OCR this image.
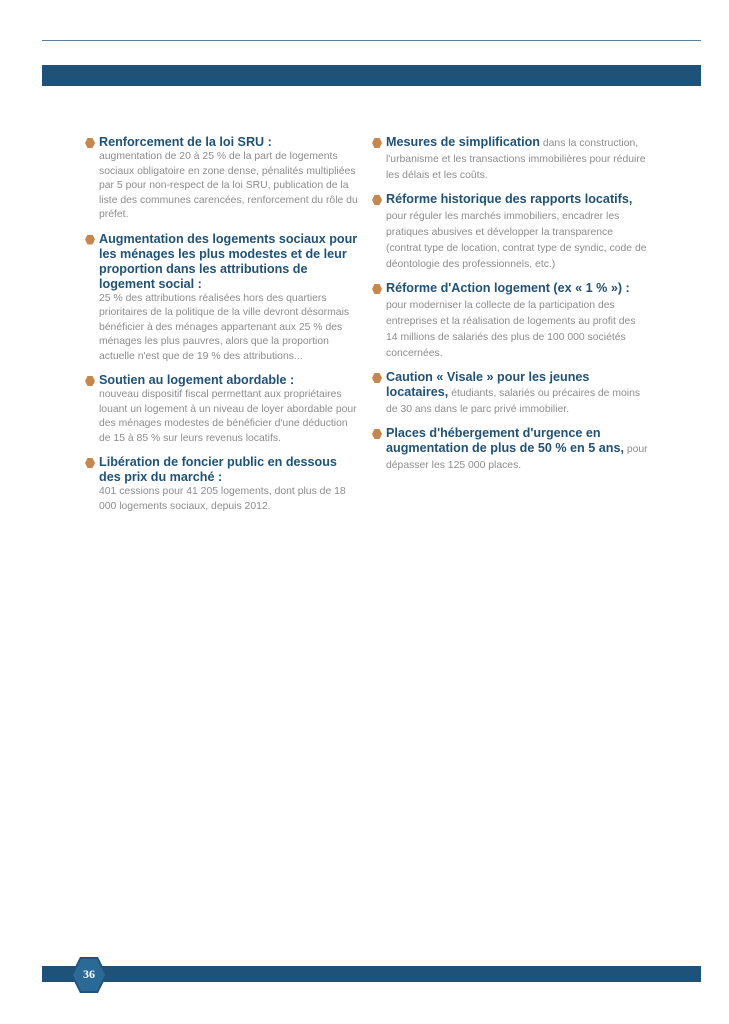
Renforcement de la loi SRU :
augmentation de 20 à 25 % de la part de logements sociaux obligatoire en zone dense, pénalités multipliées par 5 pour non-respect de la loi SRU, publication de la liste des communes carencées, renforcement du rôle du préfet.
Augmentation des logements sociaux pour les ménages les plus modestes et de leur proportion dans les attributions de logement social :
25 % des attributions réalisées hors des quartiers prioritaires de la politique de la ville devront désormais bénéficier à des ménages appartenant aux 25 % des ménages les plus pauvres, alors que la proportion actuelle n'est que de 19 % des attributions...
Soutien au logement abordable :
nouveau dispositif fiscal permettant aux propriétaires louant un logement à un niveau de loyer abordable pour des ménages modestes de bénéficier d'une déduction de 15 à 85 % sur leurs revenus locatifs.
Libération de foncier public en dessous des prix du marché :
401 cessions pour 41 205 logements, dont plus de 18 000 logements sociaux, depuis 2012.
Mesures de simplification dans la construction, l'urbanisme et les transactions immobilières pour réduire les délais et les coûts.
Réforme historique des rapports locatifs, pour réguler les marchés immobiliers, encadrer les pratiques abusives et développer la transparence (contrat type de location, contrat type de syndic, code de déontologie des professionnels, etc.)
Réforme d'Action logement (ex « 1 % ») : pour moderniser la collecte de la participation des entreprises et la réalisation de logements au profit des 14 millions de salariés des plus de 100 000 sociétés concernées.
Caution « Visale » pour les jeunes locataires, étudiants, salariés ou précaires de moins de 30 ans dans le parc privé immobilier.
Places d'hébergement d'urgence en augmentation de plus de 50 % en 5 ans, pour dépasser les 125 000 places.
36
